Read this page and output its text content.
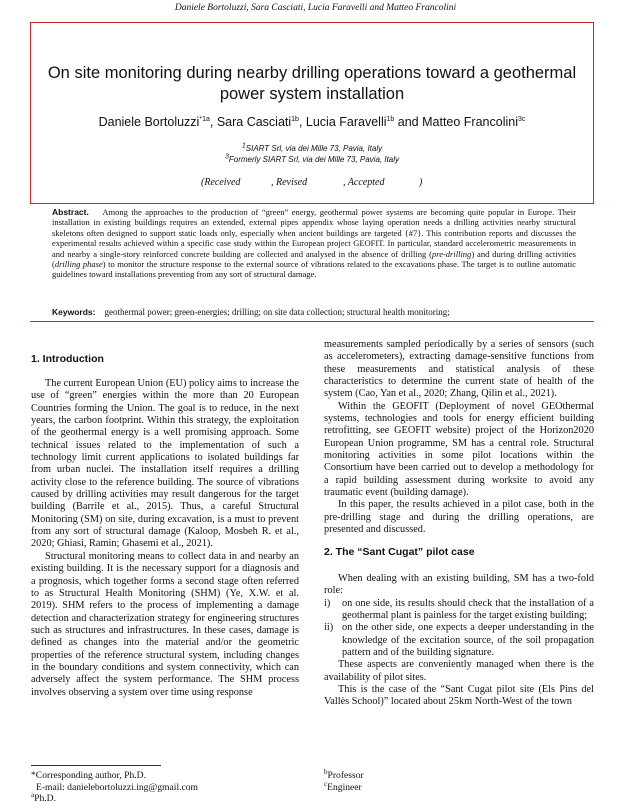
Daniele Bortoluzzi, Sara Casciati, Lucia Faravelli and Matteo Francolini
On site monitoring during nearby drilling operations toward a geothermal power system installation
Daniele Bortoluzzi$^{*1a}$, Sara Casciati$^{1b}$, Lucia Faravelli$^{1b}$ and Matteo Francolini$^{3c}$
$^1$SIART Srl, via dei Mille 73, Pavia, Italy
$^3$Formerly SIART Srl, via dei Mille 73, Pavia, Italy
(Received	, Revised	, Accepted	)
Abstract. Among the approaches to the production of “green” energy, geothermal power systems are becoming quite popular in Europe. Their installation in existing buildings requires an extended, external pipes appendix whose laying operation needs a drilling activities nearby structural skeletons often designed to support static loads only, especially when ancient buildings are targeted {#7}. This contribution reports and discusses the experimental results achieved within a specific case study within the European project GEOFIT. In particular, standard accelerometric measurements in and nearby a single-story reinforced concrete building are collected and analysed in the absence of drilling (pre-drilling) and during drilling activities (drilling phase) to monitor the structure response to the external source of vibrations related to the excavations phase. The target is to outline automatic guidelines toward installations preventing from any sort of structural damage.
Keywords: geothermal power; green-energies; drilling; on site data collection; structural health monitoring;
1. Introduction

The current European Union (EU) policy aims to increase the use of “green” energies within the more than 20 European Countries forming the Union. The goal is to reduce, in the next years, the carbon footprint. Within this strategy, the exploitation of the geothermal energy is a well promising approach. Some technical issues related to the implementation of such a technology limit current applications to isolated buildings far from urban nuclei. The installation itself requires a drilling activity close to the reference building. The source of vibrations caused by drilling activities may result dangerous for the target building (Barrile et al., 2015). Thus, a careful Structural Monitoring (SM) on site, during excavation, is a must to prevent from any sort of structural damage (Kaloop, Mosbeh R. et al., 2020; Ghiasi, Ramin; Ghasemi et al., 2021).

Structural monitoring means to collect data in and nearby an existing building. It is the necessary support for a diagnosis and a prognosis, which together forms a second stage often referred to as Structural Health Monitoring (SHM) (Ye, X.W. et al. 2019). SHM refers to the process of implementing a damage detection and characterization strategy for engineering structures such as structures and infrastructures. In these cases, damage is defined as changes into the material and/or the geometric properties of the reference structural system, including changes in the boundary conditions and system connectivity, which can adversely affect the system performance. The SHM process involves observing a system over time using response

measurements sampled periodically by a series of sensors (such as accelerometers), extracting damage-sensitive functions from these measurements and statistical analysis of these characteristics to determine the current state of health of the system (Cao, Yan et al., 2020; Zhang, Qilin et al., 2021).

Within the GEOFIT (Deployment of novel GEOthermal systems, technologies and tools for energy efficient building retrofitting, see GEOFIT website) project of the Horizon2020 European Union programme, SM has a central role. Structural monitoring activities in some pilot locations within the Consortium have been carried out to develop a methodology for a rapid building assessment during worksite to avoid any traumatic event (building damage).

In this paper, the results achieved in a pilot case, both in the pre-drilling stage and during the drilling operations, are presented and discussed.

2. The “Sant Cugat” pilot case

When dealing with an existing building, SM has a two-fold role:

i)	on one side, its results should check that the installation of a geothermal plant is painless for the target existing building;
ii) on the other side, one expects a deeper understanding in the knowledge of the excitation source, of the soil propagation pattern and of the building signature.

These aspects are conveniently managed when there is the availability of pilot sites.

This is the case of the “Sant Cugat pilot site (Els Pins del Vallès School)” located about 25km North-West of the town

*Corresponding author, Ph.D.
E-mail: danielebortoluzzi.ing@gmail.com
$^a$Ph.D.
$^b$Professor
$^c$Engineer
